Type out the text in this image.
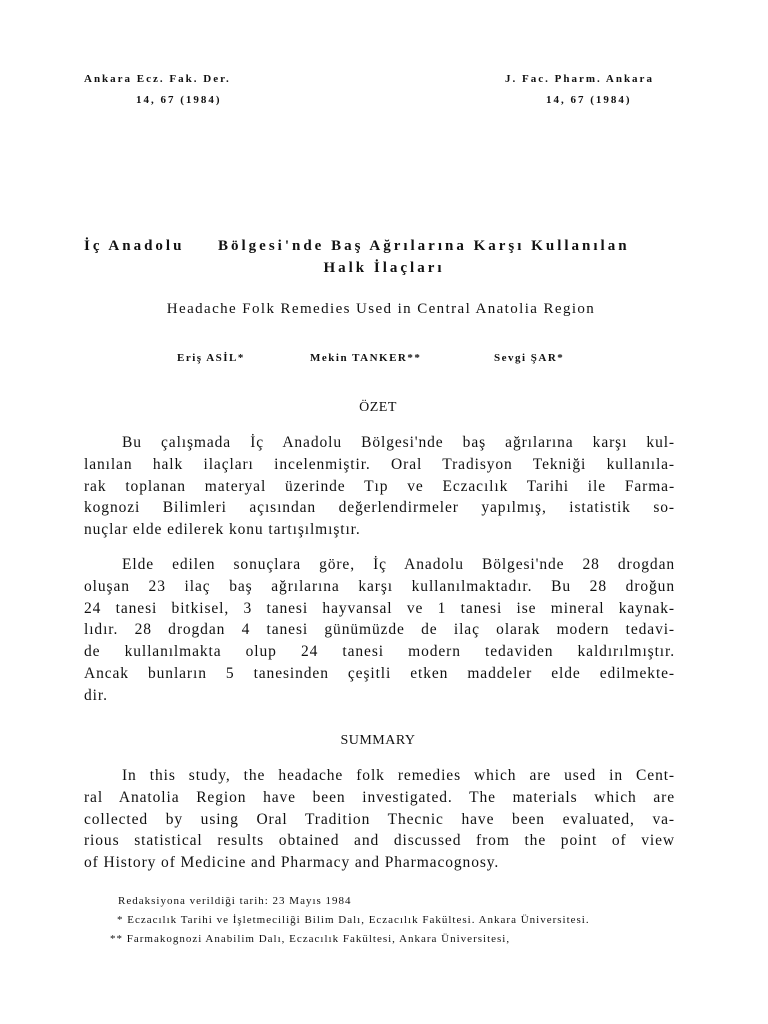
Ankara Ecz. Fak. Der.
14, 67 (1984)
J. Fac. Pharm. Ankara
14, 67 (1984)
İç Anadolu Bölgesi'nde Baş Ağrılarına Karşı Kullanılan
Halk İlaçları
Headache Folk Remedies Used in Central Anatolia Region
Eriş ASİL*	Mekin TANKER**	Sevgi ŞAR*
ÖZET
Bu çalışmada İç Anadolu Bölgesi'nde baş ağrılarına karşı kul-
lanılan halk ilaçları incelenmiştir. Oral Tradisyon Tekniği kullanıla-
rak toplanan materyal üzerinde Tıp ve Eczacılık Tarihi ile Farma-
kognozi Bilimleri açısından değerlendirmeler yapılmış, istatistik so-
nuçlar elde edilerek konu tartışılmıştır.
Elde edilen sonuçlara göre, İç Anadolu Bölgesi'nde 28 drogdan
oluşan 23 ilaç baş ağrılarına karşı kullanılmaktadır. Bu 28 droğun
24 tanesi bitkisel, 3 tanesi hayvansal ve 1 tanesi ise mineral kaynak-
lıdır. 28 drogdan 4 tanesi günümüzde de ilaç olarak modern tedavi-
de kullanılmakta olup 24 tanesi modern tedaviden kaldırılmıştır.
Ancak bunların 5 tanesinden çeşitli etken maddeler elde edilmekte-
dir.
SUMMARY
In this study, the headache folk remedies which are used in Cent-
ral Anatolia Region have been investigated. The materials which are
collected by using Oral Tradition Thecnic have been evaluated, va-
rious statistical results obtained and discussed from the point of view
of History of Medicine and Pharmacy and Pharmacognosy.
Redaksiyona verildiği tarih: 23 Mayıs 1984
* Eczacılık Tarihi ve İşletmeciliği Bilim Dalı, Eczacılık Fakültesi. Ankara Üniversitesi.
** Farmakognozi Anabilim Dalı, Eczacılık Fakültesi, Ankara Üniversitesi,
